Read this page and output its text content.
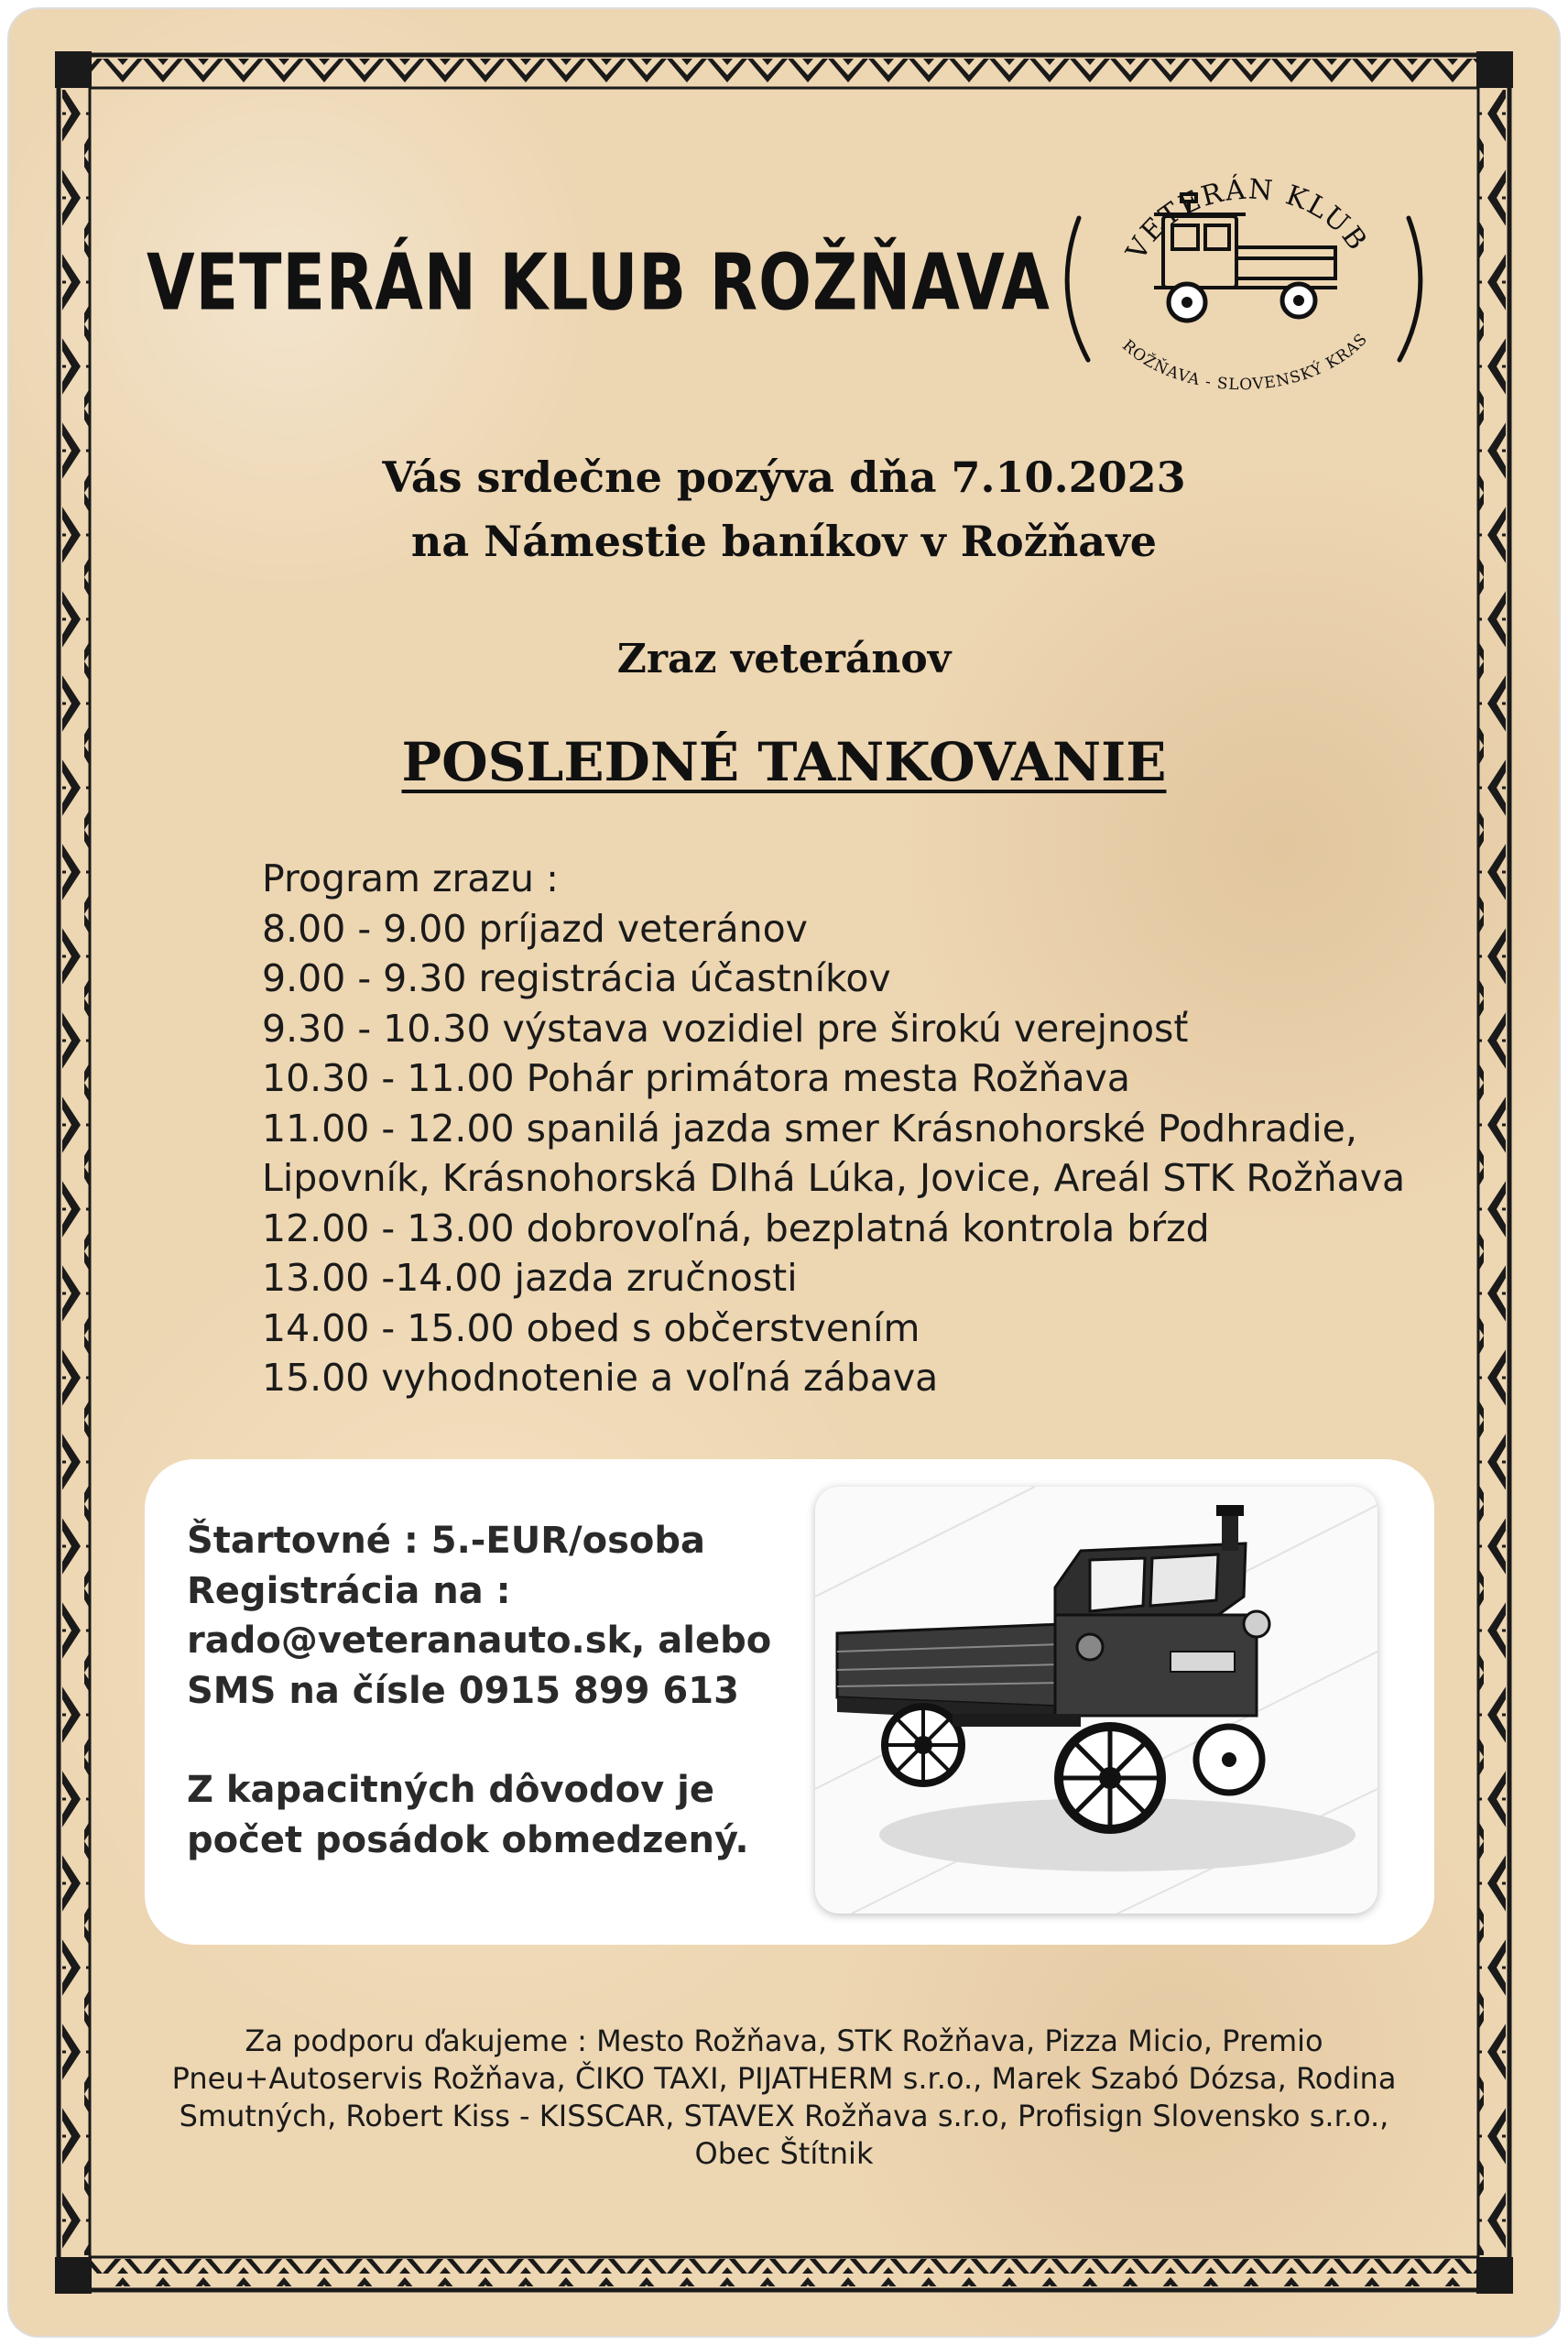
VETERÁN KLUB ROŽŇAVA	VETERÁN KLUB
ROŽŇAVA - SLOVENSKÝ KRAS
Vás srdečne pozýva dňa 7.10.2023
na Námestie baníkov v Rožňave
Zraz veteránov
POSLEDNÉ TANKOVANIE
Program zrazu :
8.00 - 9.00 príjazd veteránov
9.00 - 9.30 registrácia účastníkov
9.30 - 10.30 výstava vozidiel pre širokú verejnosť
10.30 - 11.00 Pohár primátora mesta Rožňava
11.00 - 12.00 spanilá jazda smer Krásnohorské Podhradie,
Lipovník, Krásnohorská Dlhá Lúka, Jovice, Areál STK Rožňava
12.00 - 13.00 dobrovoľná, bezplatná kontrola bŕzd
13.00 -14.00 jazda zručnosti
14.00 - 15.00 obed s občerstvením
15.00 vyhodnotenie a voľná zábava
Štartovné : 5.-EUR/osoba
Registrácia na :
rado@veteranauto.sk, alebo
SMS na čísle 0915 899 613
Z kapacitných dôvodov je
počet posádok obmedzený.
Za podporu ďakujeme : Mesto Rožňava, STK Rožňava, Pizza Micio, Premio
Pneu+Autoservis Rožňava, ČIKO TAXI, PIJATHERM s.r.o., Marek Szabó Dózsa, Rodina
Smutných, Robert Kiss - KISSCAR, STAVEX Rožňava s.r.o, Profisign Slovensko s.r.o.,
Obec Štítnik
